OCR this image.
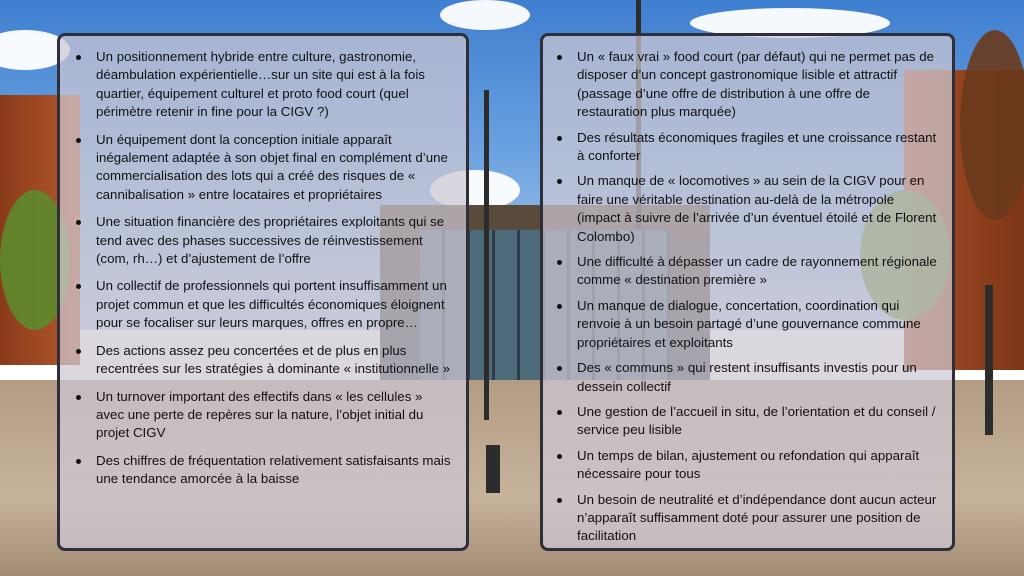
Un positionnement hybride entre culture, gastronomie, déambulation expérientielle…sur un site qui est à la fois quartier, équipement culturel et proto food court (quel périmètre retenir in fine pour la CIGV ?)
Un équipement dont la conception initiale apparaît inégalement adaptée à son objet final en complément d’une commercialisation des lots qui a créé des risques de « cannibalisation » entre locataires et propriétaires
Une situation financière des propriétaires exploitants qui se tend avec des phases successives de réinvestissement (com, rh…) et d’ajustement de l’offre
Un collectif de professionnels qui portent insuffisamment un projet commun et que les difficultés économiques éloignent pour se focaliser sur leurs marques, offres en propre…
Des actions assez peu concertées et de plus en plus recentrées sur les stratégies à dominante « institutionnelle »
Un turnover important des effectifs dans « les cellules » avec une perte de repères sur la nature, l’objet initial du projet CIGV
Des chiffres de fréquentation relativement satisfaisants mais une tendance amorcée à la baisse
Un « faux vrai » food court (par défaut) qui ne permet pas de disposer d’un concept gastronomique lisible et attractif (passage d’une offre de distribution à une offre de restauration plus marquée)
Des résultats économiques fragiles et une croissance restant à conforter
Un manque de « locomotives » au sein de la CIGV pour en faire une véritable destination au-delà de la métropole (impact à suivre de l’arrivée d’un éventuel étoilé et de Florent Colombo)
Une difficulté à dépasser un cadre de rayonnement régionale comme « destination première »
Un manque de dialogue, concertation, coordination qui renvoie à un besoin partagé d’une gouvernance commune propriétaires et exploitants
Des « communs » qui restent insuffisants investis pour un dessein collectif
Une gestion de l’accueil in situ, de l’orientation et du conseil / service peu lisible
Un temps de bilan, ajustement ou refondation qui apparaît nécessaire pour tous
Un besoin de neutralité et d’indépendance dont aucun acteur n’apparaît suffisamment doté pour assurer une position de facilitation
